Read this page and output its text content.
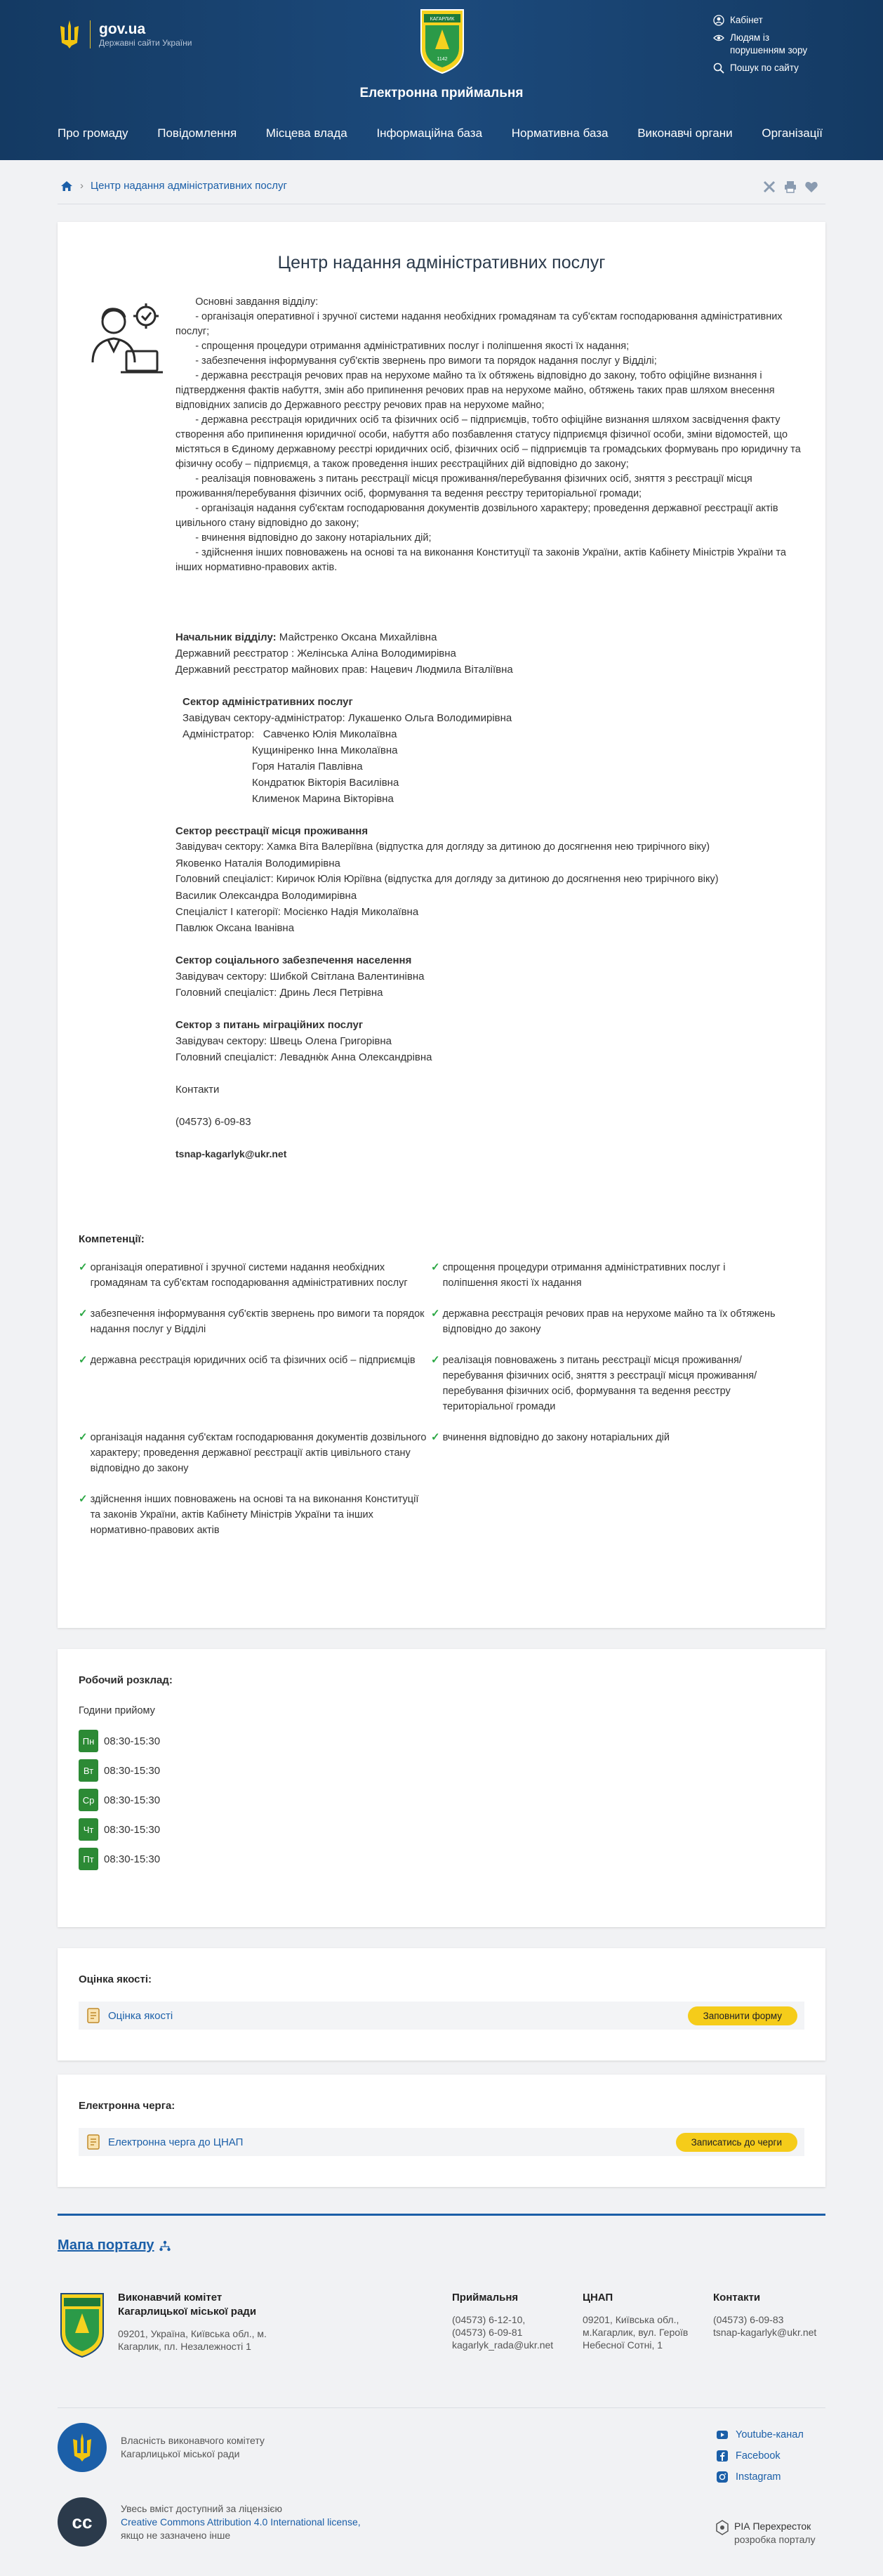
gov.ua
Державні сайти України
КАГАРЛИК
1142
Електронна приймальня
Кабінет
Людям із
порушенням зору
Пошук по сайту
Про громаду Повідомлення Місцева влада Інформаційна база Нормативна база Виконавчі органи Організації
› Центр надання адміністративних послуг
Центр надання адміністративних послуг
Основні завдання відділу:
- організація оперативної і зручної системи надання необхідних громадянам та суб'єктам господарювання адміністративних послуг;
- спрощення процедури отримання адміністративних послуг і поліпшення якості їх надання;
- забезпечення інформування суб'єктів звернень про вимоги та порядок надання послуг у Відділі;
- державна реєстрація речових прав на нерухоме майно та їх обтяжень відповідно до закону, тобто офіційне визнання і підтвердження фактів набуття, змін або припинення речових прав на нерухоме майно, обтяжень таких прав шляхом внесення відповідних записів до Державного реєстру речових прав на нерухоме майно;
- державна реєстрація юридичних осіб та фізичних осіб – підприємців, тобто офіційне визнання шляхом засвідчення факту створення або припинення юридичної особи, набуття або позбавлення статусу підприємця фізичної особи, зміни відомостей, що містяться в Єдиному державному реєстрі юридичних осіб, фізичних осіб – підприємців та громадських формувань про юридичну та фізичну особу – підприємця, а також проведення інших реєстраційних дій відповідно до закону;
- реалізація повноважень з питань реєстрації місця проживання/перебування фізичних осіб, зняття з реєстрації місця проживання/перебування фізичних осіб, формування та ведення реєстру територіальної громади;
- організація надання суб'єктам господарювання документів дозвільного характеру; проведення державної реєстрації актів цивільного стану відповідно до закону;
- вчинення відповідно до закону нотаріальних дій;
- здійснення інших повноважень на основі та на виконання Конституції та законів України, актів Кабінету Міністрів України та інших нормативно-правових актів.
Начальник відділу: Майстренко Оксана Михайлівна
Державний реєстратор : Желінська Аліна Володимирівна
Державний реєстратор майнових прав: Нацевич Людмила Віталіївна
Сектор адміністративних послуг
Завідувач сектору-адміністратор: Лукашенко Ольга Володимирівна
Адміністратор:   Савченко Юлія Миколаївна
Кущиніренко Інна Миколаївна
Горя Наталія Павлівна
Кондратюк Вікторія Василівна
Клименок Марина Вікторівна
Сектор реєстрації місця проживання
Завідувач сектору: Хамка Віта Валеріївна (відпустка для догляду за дитиною до досягнення нею трирічного віку)
Яковенко Наталія Володимирівна
Головний спеціаліст: Киричок Юлія Юріївна (відпустка для догляду за дитиною до досягнення нею трирічного віку)
Василик Олександра Володимирівна
Спеціаліст І категорії: Мосієнко Надія Миколаївна
Павлюк Оксана Іванівна
Сектор соціального забезпечення населення
Завідувач сектору: Шибкой Світлана Валентинівна
Головний спеціаліст: Дринь Леся Петрівна
Сектор з питань міграційних послуг
Завідувач сектору: Швець Олена Григорівна
Головний спеціаліст: Левадню́к Анна Олександрівна
Контакти
(04573) 6-09-83
tsnap-kagarlyk@ukr.net
Компетенції:
✓ організація оперативної і зручної системи надання необхідних громадянам та суб'єктам господарювання адміністративних послуг
✓ спрощення процедури отримання адміністративних послуг і поліпшення якості їх надання
✓ забезпечення інформування суб'єктів звернень про вимоги та порядок надання послуг у Відділі
✓ державна реєстрація речових прав на нерухоме майно та їх обтяжень відповідно до закону
✓ державна реєстрація юридичних осіб та фізичних осіб – підприємців ✓ реалізація повноважень з питань реєстрації місця проживання/перебування фізичних осіб, зняття з реєстрації місця проживання/перебування фізичних осіб, формування та ведення реєстру територіальної громади
✓ організація надання суб'єктам господарювання документів дозвільного характеру; проведення державної реєстрації актів цивільного стану відповідно до закону
✓ вчинення відповідно до закону нотаріальних дій
✓ здійснення інших повноважень на основі та на виконання Конституції та законів України, актів Кабінету Міністрів України та інших нормативно-правових актів
Робочий розклад:
Години прийому
Пн 08:30-15:30
Вт 08:30-15:30
Ср 08:30-15:30
Чт 08:30-15:30
Пт 08:30-15:30
Оцінка якості:
Оцінка якості	Заповнити форму
Електронна черга:
Електронна черга до ЦНАП	Записатись до черги
Мапа порталу
Виконавчий комітет Кагарлицької міської ради
09201, Україна, Київська обл., м. Кагарлик, пл. Незалежності 1
Приймальня
(04573) 6-12-10,
(04573) 6-09-81
kagarlyk_rada@ukr.net
ЦНАП
09201, Київська обл.,
м.Кагарлик, вул. Героїв
Небесної Сотні, 1
Контакти
(04573) 6-09-83
tsnap-kagarlyk@ukr.net
Власність виконавчого комітету
Кагарлицької міської ради
cc
Увесь вміст доступний за ліцензією
Creative Commons Attribution 4.0 International license,
якщо не зазначено інше
Youtube-канал
Facebook
Instagram
РІА Перехресток
розробка порталу
